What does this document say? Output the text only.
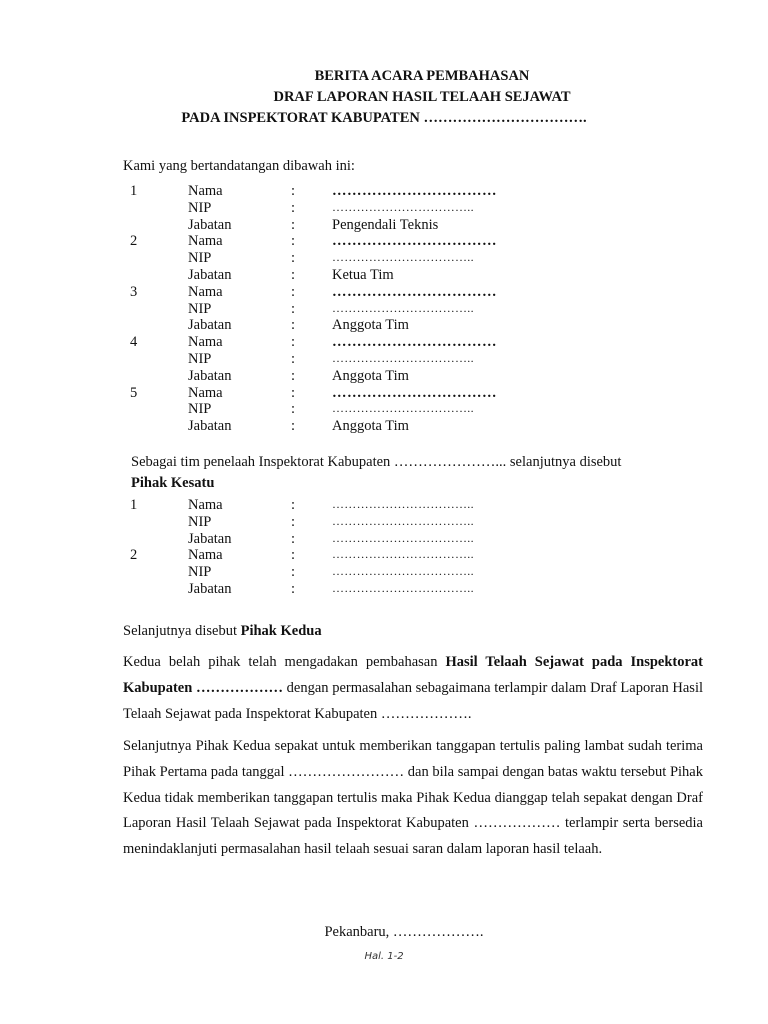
BERITA ACARA PEMBAHASAN
DRAF LAPORAN HASIL TELAAH SEJAWAT
PADA INSPEKTORAT KABUPATEN …………………………….
Kami yang bertandatangan dibawah ini:
1	Nama	:	……………………………
NIP	:	……………………………..
Jabatan	:	Pengendali Teknis
2	Nama	:	……………………………
NIP	:	……………………………..
Jabatan	:	Ketua Tim
3	Nama	:	……………………………
NIP	:	……………………………..
Jabatan	:	Anggota Tim
4	Nama	:	……………………………
NIP	:	……………………………..
Jabatan	:	Anggota Tim
5	Nama	:	……………………………
NIP	:	……………………………..
Jabatan	:	Anggota Tim
Sebagai tim penelaah Inspektorat Kabupaten …………………... selanjutnya disebut
Pihak Kesatu
1	Nama	:	……………………………..
NIP	:	……………………………..
Jabatan	:	……………………………..
2	Nama	:	……………………………..
NIP	:	……………………………..
Jabatan	:	……………………………..
Selanjutnya disebut Pihak Kedua
Kedua belah pihak telah mengadakan pembahasan Hasil Telaah Sejawat pada Inspektorat Kabupaten ……………… dengan permasalahan sebagaimana terlampir dalam Draf Laporan Hasil Telaah Sejawat pada Inspektorat Kabupaten ……………….
Selanjutnya Pihak Kedua sepakat untuk memberikan tanggapan tertulis paling lambat sudah terima Pihak Pertama pada tanggal …………………… dan bila sampai dengan batas waktu tersebut Pihak Kedua tidak memberikan tanggapan tertulis maka Pihak Kedua dianggap telah sepakat dengan Draf Laporan Hasil Telaah Sejawat pada Inspektorat Kabupaten ……………… terlampir serta bersedia menindaklanjuti permasalahan hasil telaah sesuai saran dalam laporan hasil telaah.
Pekanbaru, ……………….
Hal. 1-2
